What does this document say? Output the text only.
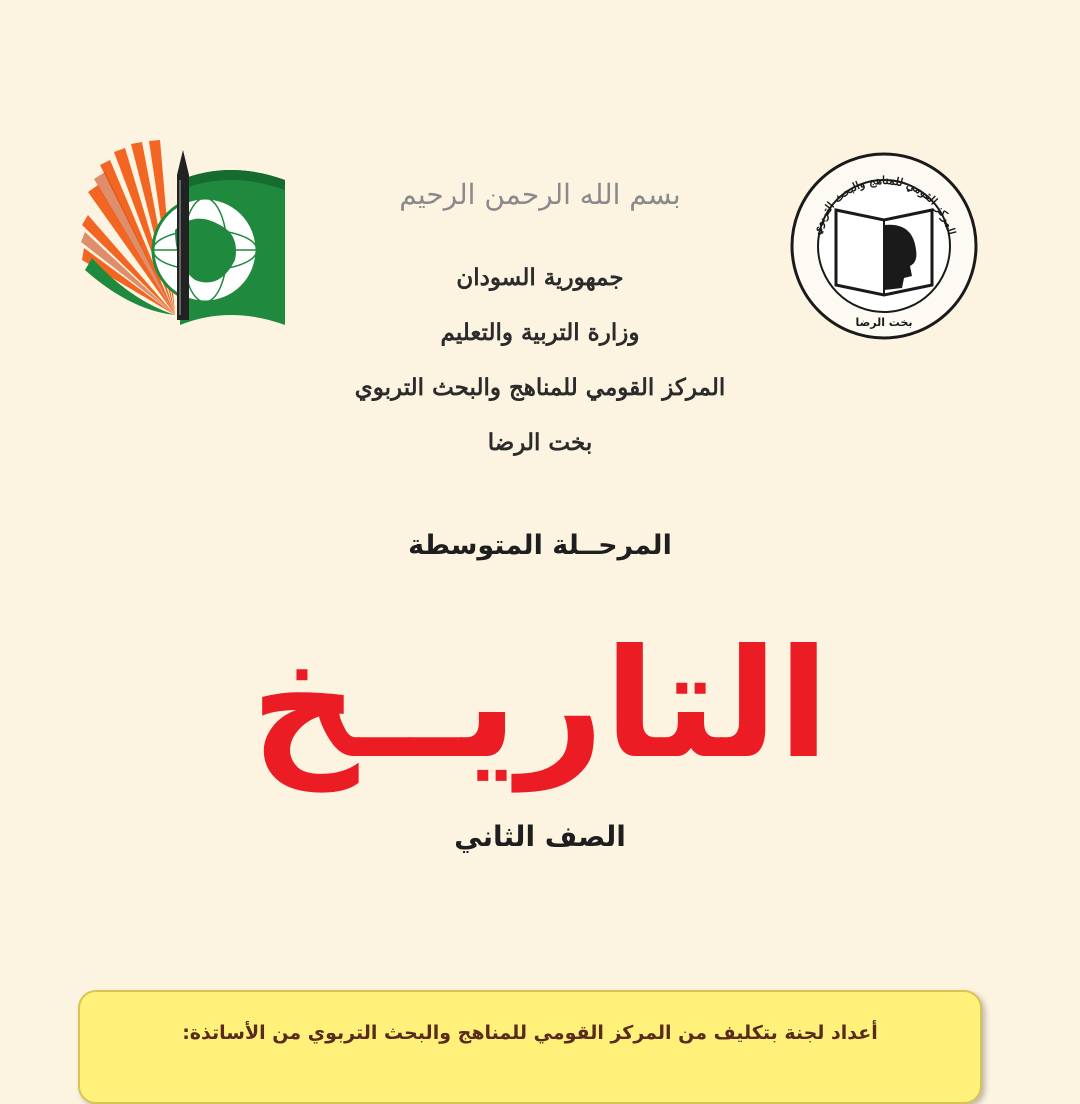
المركز القومي للمناهج والبحث التربوي
بخت الرضا
بسم الله الرحمن الرحيم
جمهورية السودان
وزارة التربية والتعليم
المركز القومي للمناهج والبحث التربوي
بخت الرضا
المرحــلة المتوسطة
التاريــخ
الصف الثاني
أعداد لجنة بتكليف من المركز القومي للمناهج والبحث التربوي من الأساتذة:
